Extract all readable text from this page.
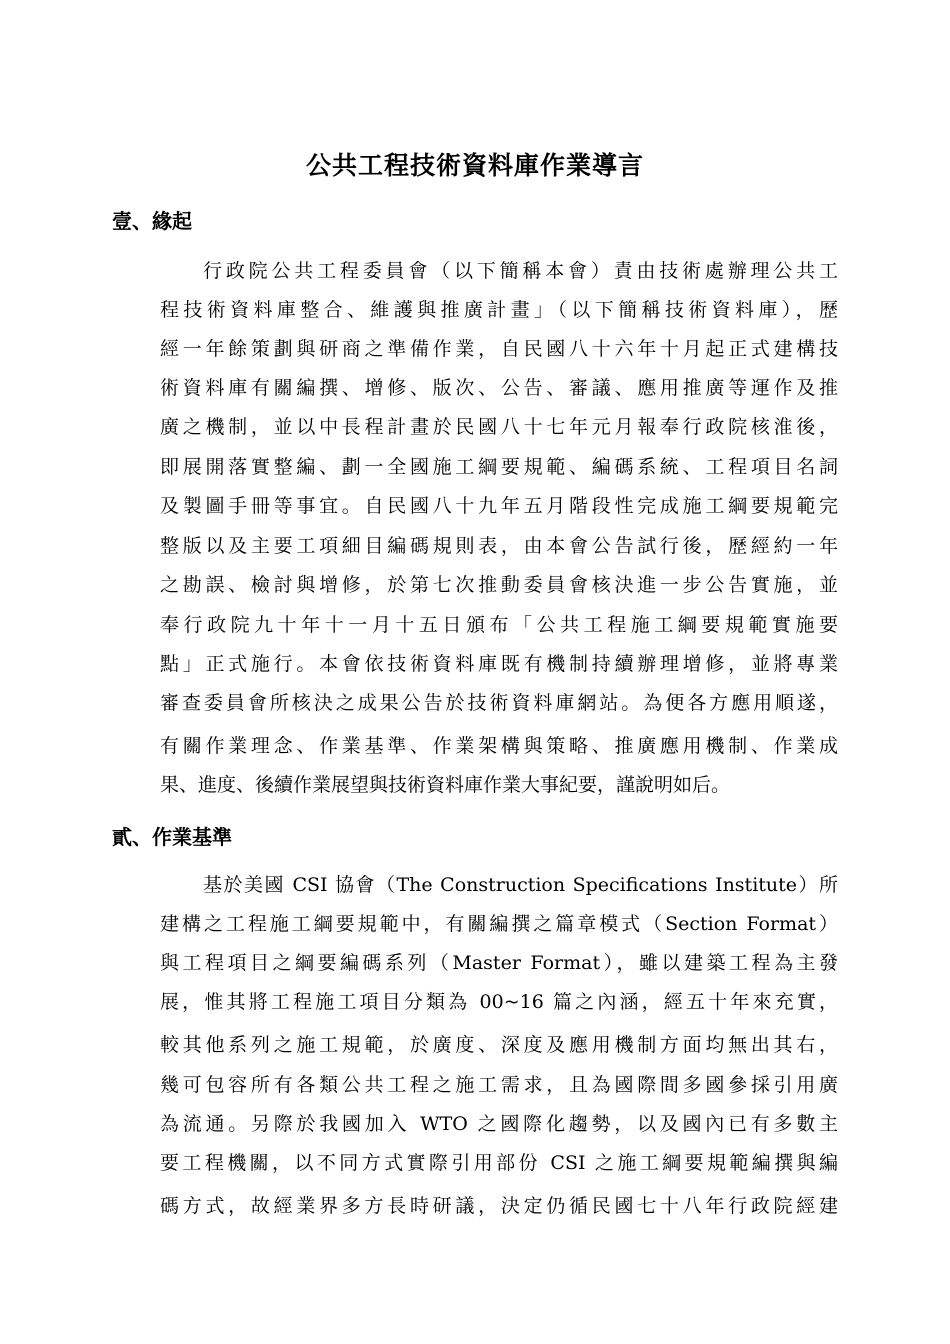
公共工程技術資料庫作業導言
壹、緣起
行政院公共工程委員會（以下簡稱本會）責由技術處辦理公共工
程技術資料庫整合、維護與推廣計畫」（以下簡稱技術資料庫），歷
經一年餘策劃與研商之準備作業，自民國八十六年十月起正式建構技
術資料庫有關編撰、增修、版次、公告、審議、應用推廣等運作及推
廣之機制，並以中長程計畫於民國八十七年元月報奉行政院核淮後，
即展開落實整編、劃一全國施工綱要規範、編碼系統、工程項目名詞
及製圖手冊等事宜。自民國八十九年五月階段性完成施工綱要規範完
整版以及主要工項細目編碼規則表，由本會公告試行後，歷經約一年
之勘誤、檢討與增修，於第七次推動委員會核決進一步公告實施，並
奉行政院九十年十一月十五日頒布「公共工程施工綱要規範實施要
點」正式施行。本會依技術資料庫既有機制持續辦理增修，並將專業
審查委員會所核決之成果公告於技術資料庫網站。為便各方應用順遂，
有關作業理念、作業基準、作業架構與策略、推廣應用機制、作業成
果、進度、後續作業展望與技術資料庫作業大事紀要，謹說明如后。
貳、作業基準
基於美國 CSI 協會（The Construction Specifications Institute）所
建構之工程施工綱要規範中，有關編撰之篇章模式（Section Format）
與工程項目之綱要編碼系列（Master Format），雖以建築工程為主發
展，惟其將工程施工項目分類為 00~16 篇之內涵，經五十年來充實，
較其他系列之施工規範，於廣度、深度及應用機制方面均無出其右，
幾可包容所有各類公共工程之施工需求，且為國際間多國參採引用廣
為流通。另際於我國加入 WTO 之國際化趨勢，以及國內已有多數主
要工程機關，以不同方式實際引用部份 CSI 之施工綱要規範編撰與編
碼方式，故經業界多方長時研議，決定仍循民國七十八年行政院經建
